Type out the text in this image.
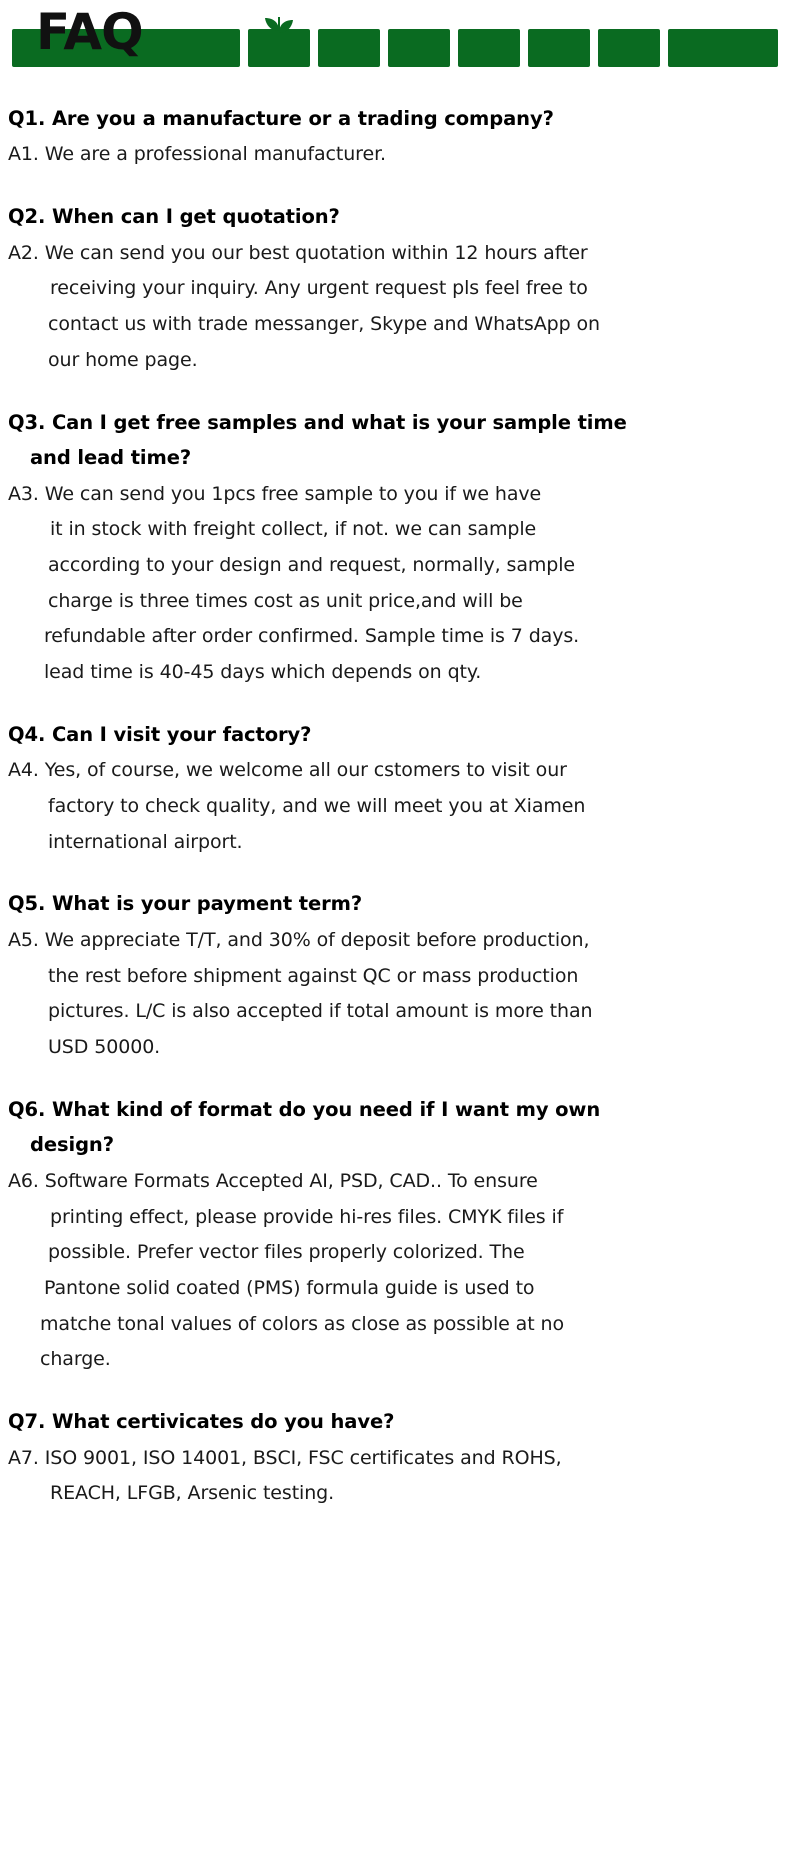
FAQ

Q1. Are you a manufacture or a trading company?

A1. We are a professional manufacturer.

Q2. When can I get quotation?

A2. We can send you our best quotation within 12 hours after
receiving your inquiry. Any urgent request pls feel free to
contact us with trade messanger, Skype and WhatsApp on
our home page.

Q3. Can I get free samples and what is your sample time
and lead time?

A3. We can send you 1pcs free sample to you if we have
it in stock with freight collect, if not. we can sample
according to your design and request, normally, sample
charge is three times cost as unit price,and will be
refundable after order confirmed. Sample time is 7 days.
lead time is 40-45 days which depends on qty.

Q4. Can I visit your factory?

A4. Yes, of course, we welcome all our cstomers to visit our
factory to check quality, and we will meet you at Xiamen
international airport.

Q5. What is your payment term?

A5. We appreciate T/T, and 30% of deposit before production,
the rest before shipment against QC or mass production
pictures. L/C is also accepted if total amount is more than
USD 50000.

Q6. What kind of format do you need if I want my own
design?

A6. Software Formats Accepted AI, PSD, CAD.. To ensure
printing effect, please provide hi-res files. CMYK files if
possible. Prefer vector files properly colorized. The
Pantone solid coated (PMS) formula guide is used to
matche tonal values of colors as close as possible at no
charge.

Q7. What certivicates do you have?

A7. ISO 9001, ISO 14001, BSCI, FSC certificates and ROHS,
REACH, LFGB, Arsenic testing.
